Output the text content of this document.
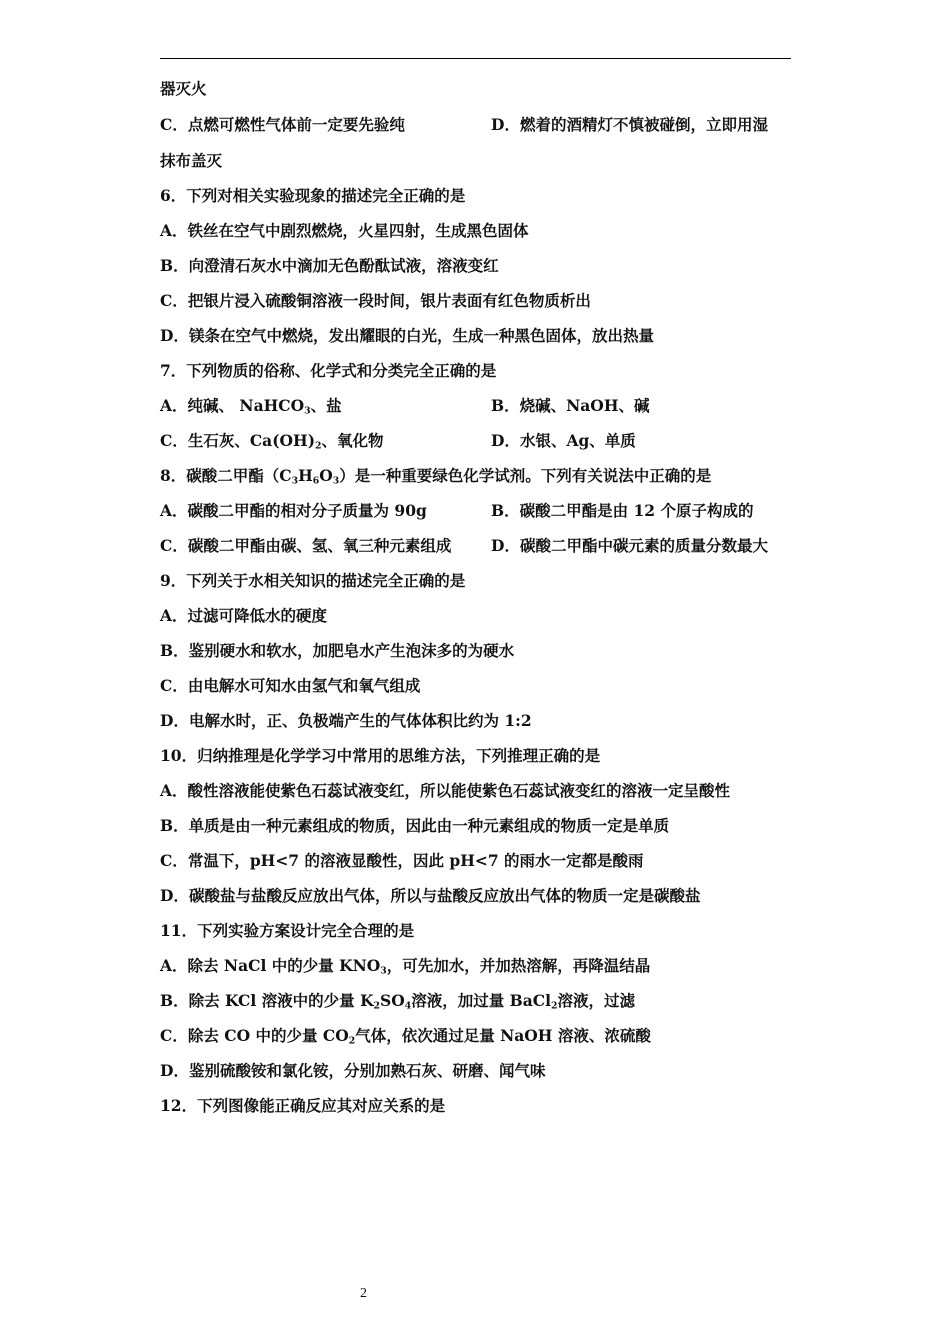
器灭火
C．点燃可燃性气体前一定要先验纯	D．燃着的酒精灯不慎被碰倒，立即用湿
抹布盖灭
6．下列对相关实验现象的描述完全正确的是
A．铁丝在空气中剧烈燃烧，火星四射，生成黑色固体
B．向澄清石灰水中滴加无色酚酞试液，溶液变红
C．把银片浸入硫酸铜溶液一段时间，银片表面有红色物质析出
D．镁条在空气中燃烧，发出耀眼的白光，生成一种黑色固体，放出热量
7．下列物质的俗称、化学式和分类完全正确的是
A．纯碱、 NaHCO$_3$、盐	B．烧碱、NaOH、碱
C．生石灰、$Ca(OH)_2$、氧化物	D．水银、Ag、单质
8．碳酸二甲酯$(C_3H_6O_3)$是一种重要绿色化学试剂。下列有关说法中正确的是
A．碳酸二甲酯的相对分子质量为 90g	B．碳酸二甲酯是由 12 个原子构成的
C．碳酸二甲酯由碳、氢、氧三种元素组成	D．碳酸二甲酯中碳元素的质量分数最大
9．下列关于水相关知识的描述完全正确的是
A．过滤可降低水的硬度
B．鉴别硬水和软水，加肥皂水产生泡沫多的为硬水
C．由电解水可知水由氢气和氧气组成
D．电解水时，正、负极端产生的气体体积比约为 1:2
10．归纳推理是化学学习中常用的思维方法，下列推理正确的是
A．酸性溶液能使紫色石蕊试液变红，所以能使紫色石蕊试液变红的溶液一定呈酸性
B．单质是由一种元素组成的物质，因此由一种元素组成的物质一定是单质
C．常温下，pH<7 的溶液显酸性，因此 pH<7 的雨水一定都是酸雨
D．碳酸盐与盐酸反应放出气体，所以与盐酸反应放出气体的物质一定是碳酸盐
11．下列实验方案设计完全合理的是
A．除去 NaCl 中的少量 $KNO_3$，可先加水，并加热溶解，再降温结晶
B．除去 KCl 溶液中的少量 $K_2SO_4$溶液，加过量 BaCl$_2$溶液，过滤
C．除去 CO 中的少量 $CO_2$气体，依次通过足量 NaOH 溶液、浓硫酸
D．鉴别硫酸铵和氯化铵，分别加熟石灰、研磨、闻气味
12．下列图像能正确反应其对应关系的是
2
